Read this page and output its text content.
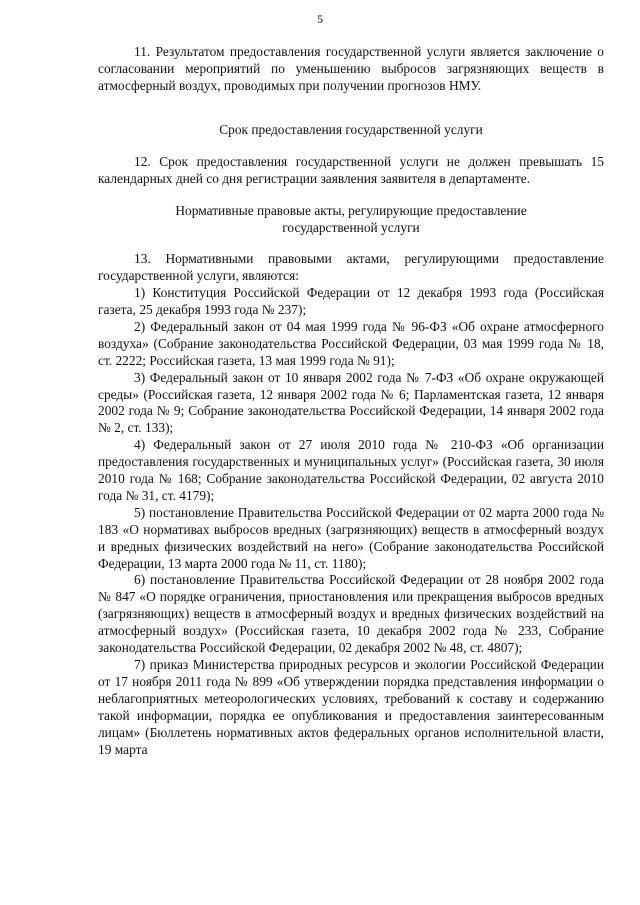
5

11. Результатом предоставления государственной услуги является заключение о согласовании мероприятий по уменьшению выбросов загрязняющих веществ в атмосферный воздух, проводимых при получении прогнозов НМУ.

Срок предоставления государственной услуги

12. Срок предоставления государственной услуги не должен превышать 15 календарных дней со дня регистрации заявления заявителя в департаменте.

Нормативные правовые акты, регулирующие предоставление
государственной услуги

13. Нормативными правовыми актами, регулирующими предоставление государственной услуги, являются:

1) Конституция Российской Федерации от 12 декабря 1993 года (Российская газета, 25 декабря 1993 года № 237);

2) Федеральный закон от 04 мая 1999 года № 96-ФЗ «Об охране атмосферного воздуха» (Собрание законодательства Российской Федерации, 03 мая 1999 года № 18, ст. 2222; Российская газета, 13 мая 1999 года № 91);

3) Федеральный закон от 10 января 2002 года № 7-ФЗ «Об охране окружающей среды» (Российская газета, 12 января 2002 года № 6; Парламентская газета, 12 января 2002 года № 9; Собрание законодательства Российской Федерации, 14 января 2002 года № 2, ст. 133);

4) Федеральный закон от 27 июля 2010 года № 210-ФЗ «Об организации предоставления государственных и муниципальных услуг» (Российская газета, 30 июля 2010 года № 168; Собрание законодательства Российской Федерации, 02 августа 2010 года № 31, ст. 4179);

5) постановление Правительства Российской Федерации от 02 марта 2000 года № 183 «О нормативах выбросов вредных (загрязняющих) веществ в атмосферный воздух и вредных физических воздействий на него» (Собрание законодательства Российской Федерации, 13 марта 2000 года № 11, ст. 1180);

6) постановление Правительства Российской Федерации от 28 ноября 2002 года № 847 «О порядке ограничения, приостановления или прекращения выбросов вредных (загрязняющих) веществ в атмосферный воздух и вредных физических воздействий на атмосферный воздух» (Российская газета, 10 декабря 2002 года № 233, Собрание законодательства Российской Федерации, 02 декабря 2002 № 48, ст. 4807);

7) приказ Министерства природных ресурсов и экологии Российской Федерации от 17 ноября 2011 года № 899 «Об утверждении порядка представления информации о неблагоприятных метеорологических условиях, требований к составу и содержанию такой информации, порядка ее опубликования и предоставления заинтересованным лицам» (Бюллетень нормативных актов федеральных органов исполнительной власти, 19 марта
